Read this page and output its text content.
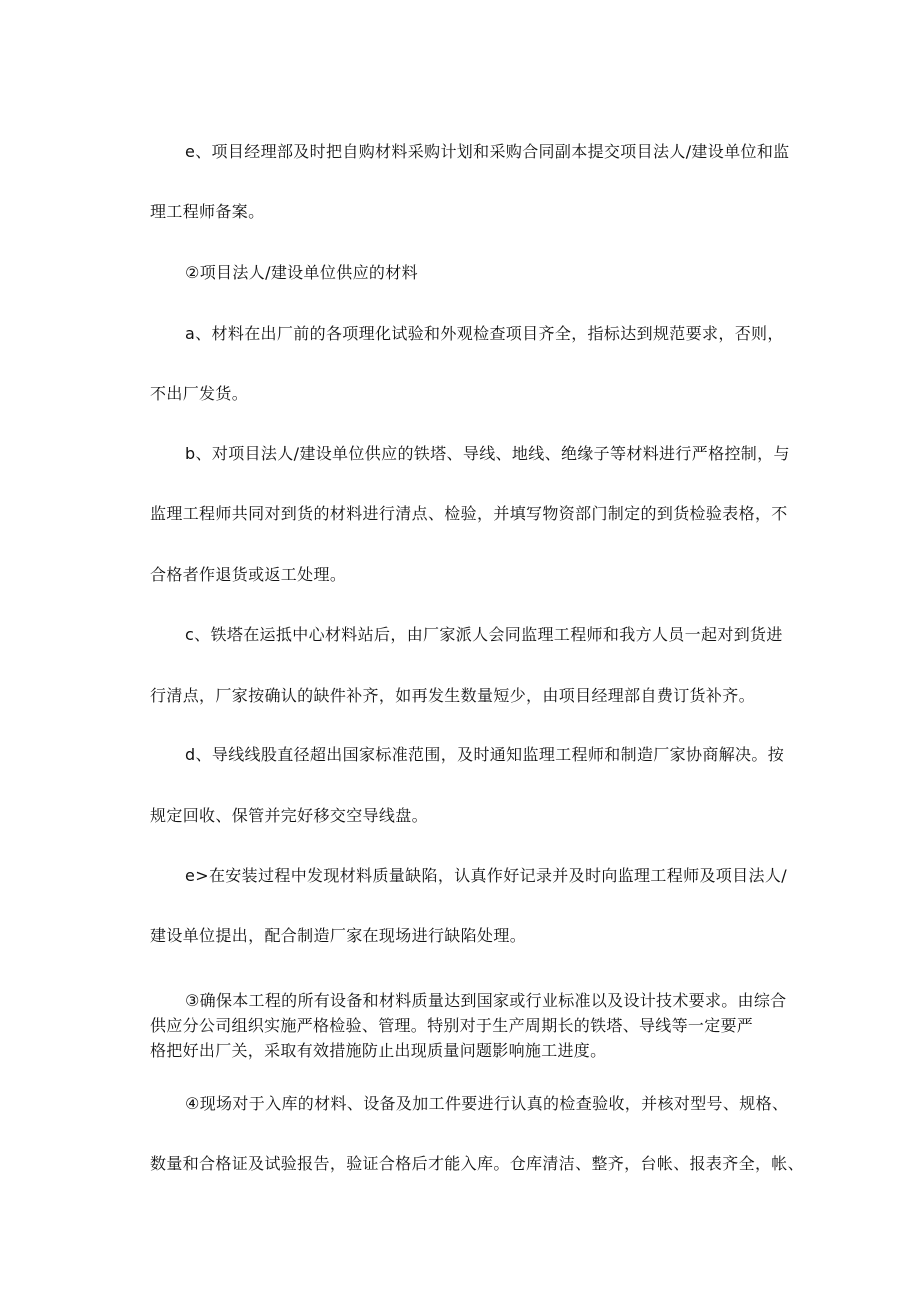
e、项目经理部及时把自购材料采购计划和采购合同副本提交项目法人/建设单位和监
理工程师备案。
②项目法人/建设单位供应的材料
a、材料在出厂前的各项理化试验和外观检查项目齐全，指标达到规范要求，否则，
不出厂发货。
b、对项目法人/建设单位供应的铁塔、导线、地线、绝缘子等材料进行严格控制，与
监理工程师共同对到货的材料进行清点、检验，并填写物资部门制定的到货检验表格，不
合格者作退货或返工处理。
c、铁塔在运抵中心材料站后，由厂家派人会同监理工程师和我方人员一起对到货进
行清点，厂家按确认的缺件补齐，如再发生数量短少，由项目经理部自费订货补齐。
d、导线线股直径超出国家标准范围，及时通知监理工程师和制造厂家协商解决。按
规定回收、保管并完好移交空导线盘。
e>在安装过程中发现材料质量缺陷，认真作好记录并及时向监理工程师及项目法人/
建设单位提出，配合制造厂家在现场进行缺陷处理。
③确保本工程的所有设备和材料质量达到国家或行业标准以及设计技术要求。由综合
供应分公司组织实施严格检验、管理。特别对于生产周期长的铁塔、导线等一定要严
格把好出厂关，采取有效措施防止出现质量问题影响施工进度。
④现场对于入库的材料、设备及加工件要进行认真的检查验收，并核对型号、规格、
数量和合格证及试验报告，验证合格后才能入库。仓库清洁、整齐，台帐、报表齐全，帐、
